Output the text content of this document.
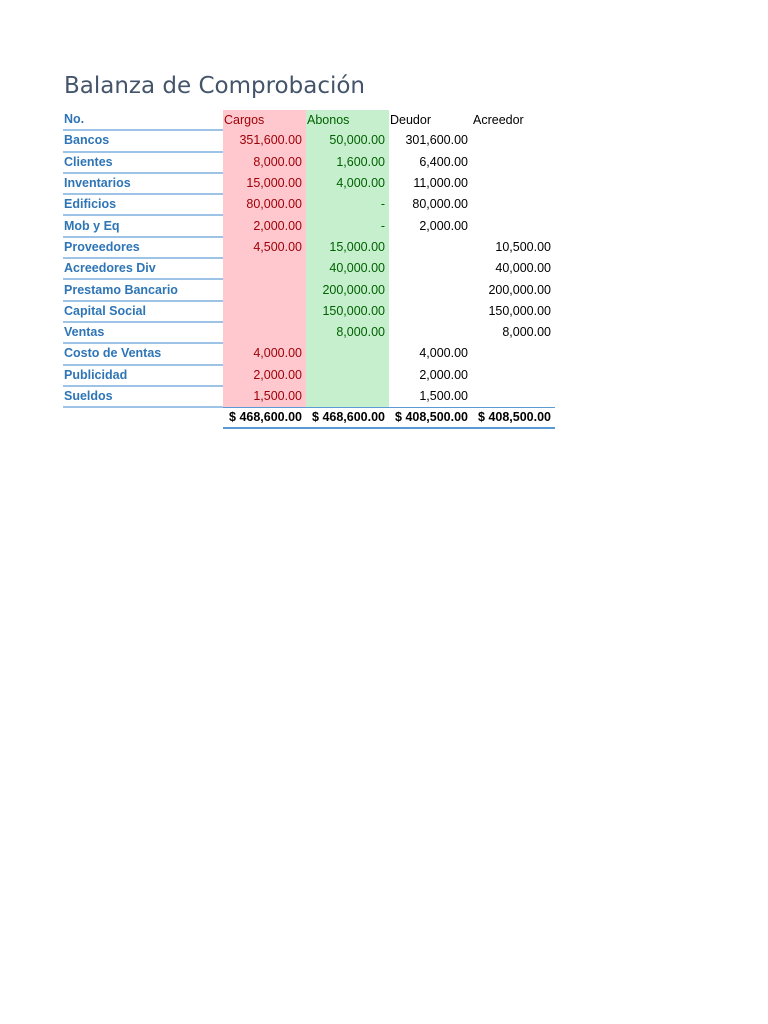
Balanza de Comprobación
No.	Cargos	Abonos	Deudor	Acreedor
Bancos	351,600.00	50,000.00	301,600.00	
Clientes	8,000.00	1,600.00	6,400.00	
Inventarios	15,000.00	4,000.00	11,000.00	
Edificios	80,000.00	-	80,000.00	
Mob y Eq	2,000.00	-	2,000.00	
Proveedores	4,500.00	15,000.00		10,500.00
Acreedores Div		40,000.00		40,000.00
Prestamo Bancario		200,000.00		200,000.00
Capital Social		150,000.00		150,000.00
Ventas		8,000.00		8,000.00
Costo de Ventas	4,000.00		4,000.00	
Publicidad	2,000.00		2,000.00	
Sueldos	1,500.00		1,500.00	

	$ 468,600.00	$ 468,600.00	$ 408,500.00	$ 408,500.00
